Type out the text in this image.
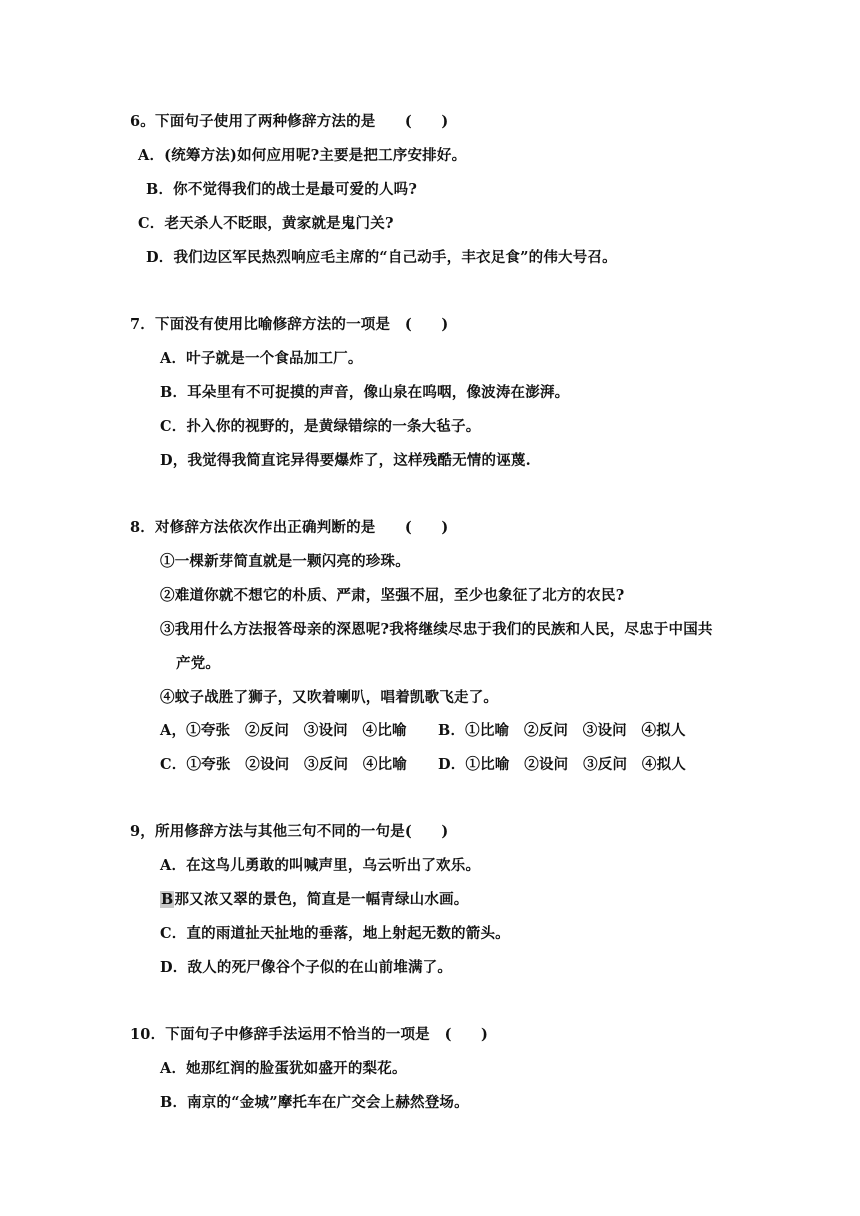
6。下面句子使用了两种修辞方法的是　　(　　)
A．(统筹方法)如何应用呢?主要是把工序安排好。
B．你不觉得我们的战士是最可爱的人吗?
C．老天杀人不眨眼，黄家就是鬼门关?
D．我们边区军民热烈响应毛主席的“自己动手，丰衣足食”的伟大号召。
7．下面没有使用比喻修辞方法的一项是　(　　)
A．叶子就是一个食品加工厂。
B．耳朵里有不可捉摸的声音，像山泉在呜咽，像波涛在澎湃。
C．扑入你的视野的，是黄绿错综的一条大毡子。
D，我觉得我简直诧异得要爆炸了，这样残酷无情的诬蔑.
8．对修辞方法依次作出正确判断的是　　(　　)
①一棵新芽简直就是一颗闪亮的珍珠。
②难道你就不想它的朴质、严肃，坚强不屈，至少也象征了北方的农民?
③我用什么方法报答母亲的深恩呢?我将继续尽忠于我们的民族和人民，尽忠于中国共
产党。
④蚊子战胜了狮子，又吹着喇叭，唱着凯歌飞走了。
A，①夸张　②反问　③设问　④比喻 B．①比喻　②反问　③设问　④拟人
C．①夸张　②设问　③反问　④比喻 D．①比喻　②设问　③反问　④拟人
9，所用修辞方法与其他三句不同的一句是(　　)
A．在这鸟儿勇敢的叫喊声里，乌云听出了欢乐。
B那又浓又翠的景色，简直是一幅青绿山水画。
C．直的雨道扯天扯地的垂落，地上射起无数的箭头。
D．敌人的死尸像谷个子似的在山前堆满了。
10．下面句子中修辞手法运用不恰当的一项是　(　　)
A．她那红润的脸蛋犹如盛开的梨花。
B．南京的“金城”摩托车在广交会上赫然登场。
